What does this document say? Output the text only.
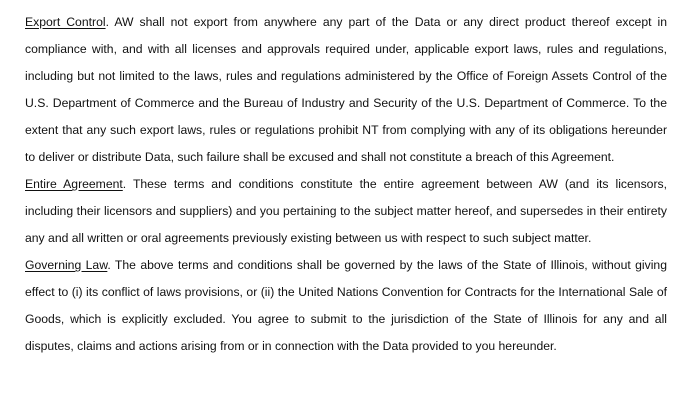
Export Control. AW shall not export from anywhere any part of the Data or any direct product thereof except in compliance with, and with all licenses and approvals required under, applicable export laws, rules and regulations, including but not limited to the laws, rules and regulations administered by the Office of Foreign Assets Control of the U.S. Department of Commerce and the Bureau of Industry and Security of the U.S. Department of Commerce. To the extent that any such export laws, rules or regulations prohibit NT from complying with any of its obligations hereunder to deliver or distribute Data, such failure shall be excused and shall not constitute a breach of this Agreement.

Entire Agreement. These terms and conditions constitute the entire agreement between AW (and its licensors, including their licensors and suppliers) and you pertaining to the subject matter hereof, and supersedes in their entirety any and all written or oral agreements previously existing between us with respect to such subject matter.

Governing Law. The above terms and conditions shall be governed by the laws of the State of Illinois, without giving effect to (i) its conflict of laws provisions, or (ii) the United Nations Convention for Contracts for the International Sale of Goods, which is explicitly excluded. You agree to submit to the jurisdiction of the State of Illinois for any and all disputes, claims and actions arising from or in connection with the Data provided to you hereunder.
